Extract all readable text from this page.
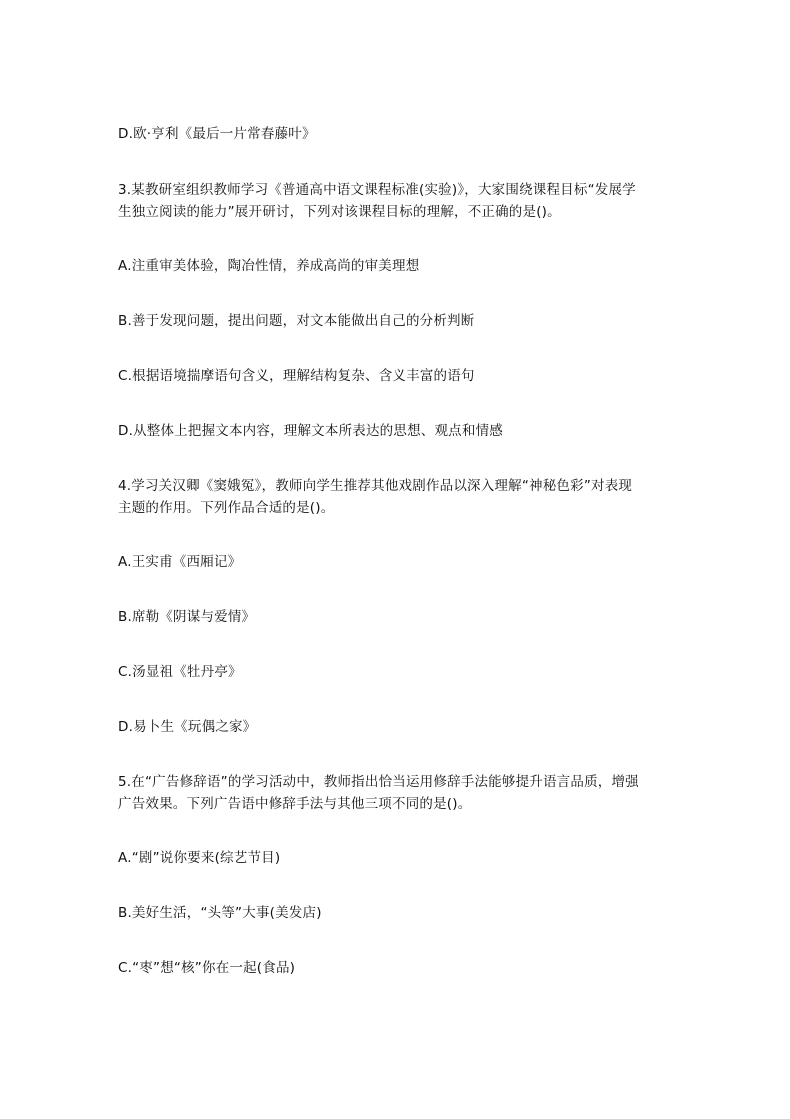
D.欧·亨利《最后一片常春藤叶》
3.某教研室组织教师学习《普通高中语文课程标准(实验)》，大家围绕课程目标“发展学
生独立阅读的能力”展开研讨，下列对该课程目标的理解，不正确的是()。
A.注重审美体验，陶冶性情，养成高尚的审美理想
B.善于发现问题，提出问题，对文本能做出自己的分析判断
C.根据语境揣摩语句含义，理解结构复杂、含义丰富的语句
D.从整体上把握文本内容，理解文本所表达的思想、观点和情感
4.学习关汉卿《窦娥冤》，教师向学生推荐其他戏剧作品以深入理解“神秘色彩”对表现
主题的作用。下列作品合适的是()。
A.王实甫《西厢记》
B.席勒《阴谋与爱情》
C.汤显祖《牡丹亭》
D.易卜生《玩偶之家》
5.在“广告修辞语”的学习活动中，教师指出恰当运用修辞手法能够提升语言品质，增强
广告效果。下列广告语中修辞手法与其他三项不同的是()。
A.“剧”说你要来(综艺节目)
B.美好生活，“头等”大事(美发店)
C.“枣”想“核”你在一起(食品)
